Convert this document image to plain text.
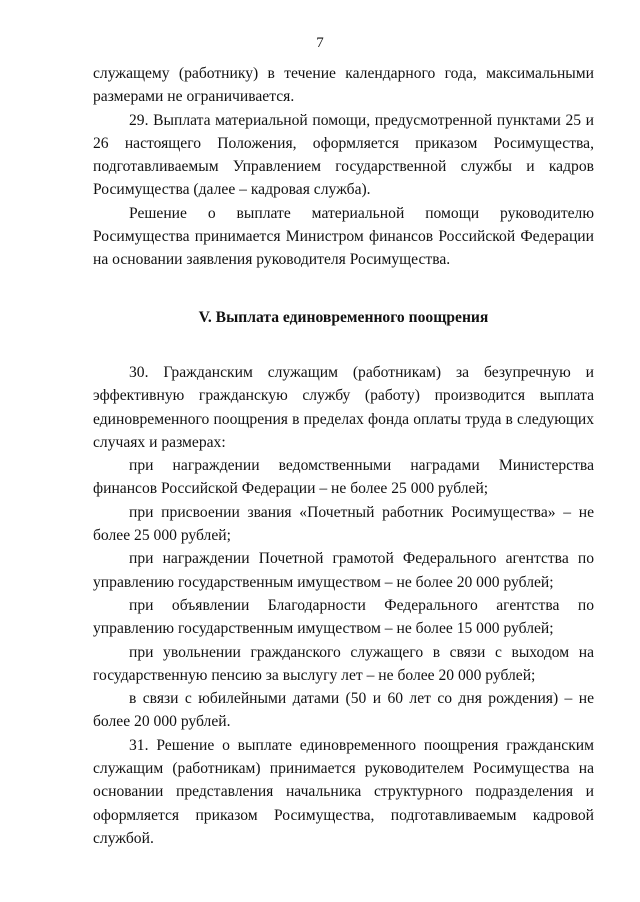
7

служащему (работнику) в течение календарного года, максимальными размерами не ограничивается.

29. Выплата материальной помощи, предусмотренной пунктами 25 и 26 настоящего Положения, оформляется приказом Росимущества, подготавливаемым Управлением государственной службы и кадров Росимущества (далее – кадровая служба).

Решение о выплате материальной помощи руководителю Росимущества принимается Министром финансов Российской Федерации на основании заявления руководителя Росимущества.

V. Выплата единовременного поощрения

30. Гражданским служащим (работникам) за безупречную и эффективную гражданскую службу (работу) производится выплата единовременного поощрения в пределах фонда оплаты труда в следующих случаях и размерах:

при награждении ведомственными наградами Министерства финансов Российской Федерации – не более 25 000 рублей;

при присвоении звания «Почетный работник Росимущества» – не более 25 000 рублей;

при награждении Почетной грамотой Федерального агентства по управлению государственным имуществом – не более 20 000 рублей;

при объявлении Благодарности Федерального агентства по управлению государственным имуществом – не более 15 000 рублей;

при увольнении гражданского служащего в связи с выходом на государственную пенсию за выслугу лет – не более 20 000 рублей;

в связи с юбилейными датами (50 и 60 лет со дня рождения) – не более 20 000 рублей.

31. Решение о выплате единовременного поощрения гражданским служащим (работникам) принимается руководителем Росимущества на основании представления начальника структурного подразделения и оформляется приказом Росимущества, подготавливаемым кадровой службой.
